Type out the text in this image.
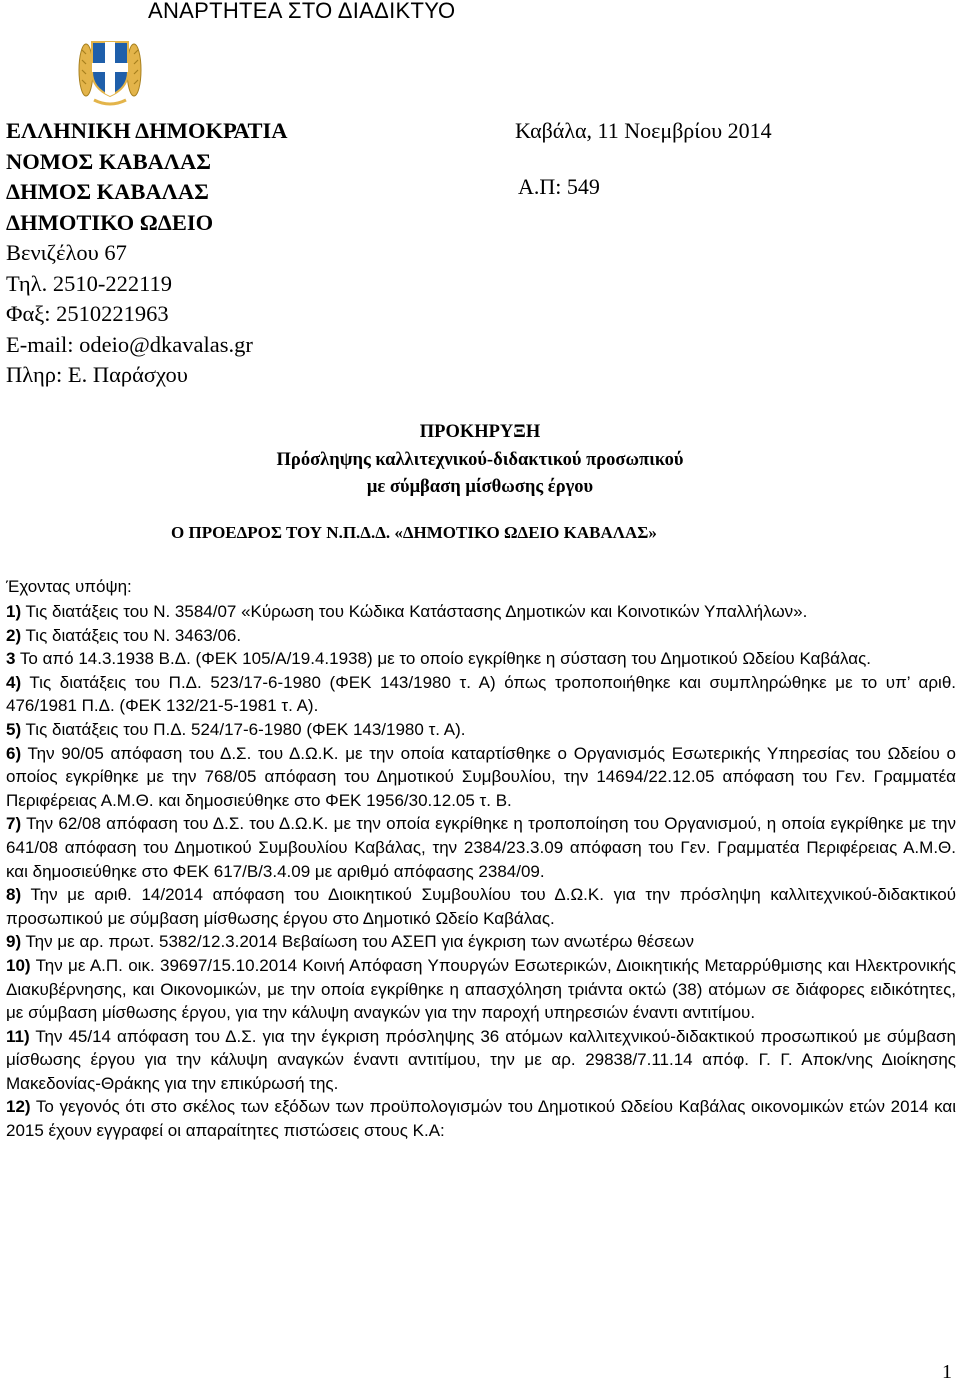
ΑΝΑΡΤΗΤΕΑ ΣΤΟ ΔΙΑΔΙΚΤΥΟ
ΕΛΛΗΝΙΚΗ ΔΗΜΟΚΡΑΤΙΑ
ΝΟΜΟΣ ΚΑΒΑΛΑΣ
ΔΗΜΟΣ ΚΑΒΑΛΑΣ
ΔΗΜΟΤΙΚΟ ΩΔΕΙΟ
Βενιζέλου 67
Τηλ. 2510-222119
Φαξ: 2510221963
E-mail: odeio@dkavalas.gr
Πληρ: Ε. Παράσχου
Καβάλα, 11 Νοεμβρίου 2014
Α.Π: 549
ΠΡΟΚΗΡΥΞΗ
Πρόσληψης καλλιτεχνικού-διδακτικού προσωπικού
με σύμβαση μίσθωσης έργου
Ο ΠΡΟΕΔΡΟΣ ΤΟΥ Ν.Π.Δ.Δ. «ΔΗΜΟΤΙΚΟ ΩΔΕΙΟ ΚΑΒΑΛΑΣ»
Έχοντας υπόψη:
1) Τις διατάξεις του Ν. 3584/07 «Κύρωση του Κώδικα Κατάστασης Δημοτικών και Κοινοτικών Υπαλλήλων».
2) Τις διατάξεις του Ν. 3463/06.
3 Το από 14.3.1938 Β.Δ. (ΦΕΚ 105/Α/19.4.1938) με το οποίο εγκρίθηκε η σύσταση του Δημοτικού Ωδείου Καβάλας.
4) Τις διατάξεις του Π.Δ. 523/17-6-1980 (ΦΕΚ 143/1980 τ. Α) όπως τροποποιήθηκε και συμπληρώθηκε με το υπ’ αριθ. 476/1981 Π.Δ. (ΦΕΚ 132/21-5-1981 τ. Α).
5) Τις διατάξεις του Π.Δ. 524/17-6-1980 (ΦΕΚ 143/1980 τ. Α).
6) Την 90/05 απόφαση του Δ.Σ. του Δ.Ω.Κ. με την οποία καταρτίσθηκε ο Οργανισμός Εσωτερικής Υπηρεσίας του Ωδείου ο οποίος εγκρίθηκε με την 768/05 απόφαση του Δημοτικού Συμβουλίου, την 14694/22.12.05 απόφαση του Γεν. Γραμματέα Περιφέρειας Α.Μ.Θ. και δημοσιεύθηκε στο ΦΕΚ 1956/30.12.05 τ. Β.
7) Την 62/08 απόφαση του Δ.Σ. του Δ.Ω.Κ. με την οποία εγκρίθηκε η τροποποίηση του Οργανισμού, η οποία εγκρίθηκε με την 641/08 απόφαση του Δημοτικού Συμβουλίου Καβάλας, την 2384/23.3.09 απόφαση του Γεν. Γραμματέα Περιφέρειας Α.Μ.Θ. και δημοσιεύθηκε στο ΦΕΚ 617/Β/3.4.09 με αριθμό απόφασης 2384/09.
8) Την με αριθ. 14/2014 απόφαση του Διοικητικού Συμβουλίου του Δ.Ω.Κ. για την πρόσληψη καλλιτεχνικού-διδακτικού προσωπικού με σύμβαση μίσθωσης έργου στο Δημοτικό Ωδείο Καβάλας.
9) Την με αρ. πρωτ. 5382/12.3.2014 Βεβαίωση του ΑΣΕΠ για έγκριση των ανωτέρω θέσεων
10) Την με Α.Π. οικ. 39697/15.10.2014 Κοινή Απόφαση Υπουργών Εσωτερικών, Διοικητικής Μεταρρύθμισης και Ηλεκτρονικής Διακυβέρνησης, και Οικονομικών, με την οποία εγκρίθηκε η απασχόληση τριάντα οκτώ (38) ατόμων σε διάφορες ειδικότητες, με σύμβαση μίσθωσης έργου, για την κάλυψη αναγκών για την παροχή υπηρεσιών έναντι αντιτίμου.
11) Την 45/14 απόφαση του Δ.Σ. για την έγκριση πρόσληψης 36 ατόμων καλλιτεχνικού-διδακτικού προσωπικού με σύμβαση μίσθωσης έργου για την κάλυψη αναγκών έναντι αντιτίμου, την με αρ. 29838/7.11.14 απόφ. Γ. Γ. Αποκ/νης Διοίκησης Μακεδονίας-Θράκης για την επικύρωσή της.
12) Το γεγονός ότι στο σκέλος των εξόδων των προϋπολογισμών του Δημοτικού Ωδείου Καβάλας οικονομικών ετών 2014 και 2015 έχουν εγγραφεί οι απαραίτητες πιστώσεις στους Κ.Α:
1
